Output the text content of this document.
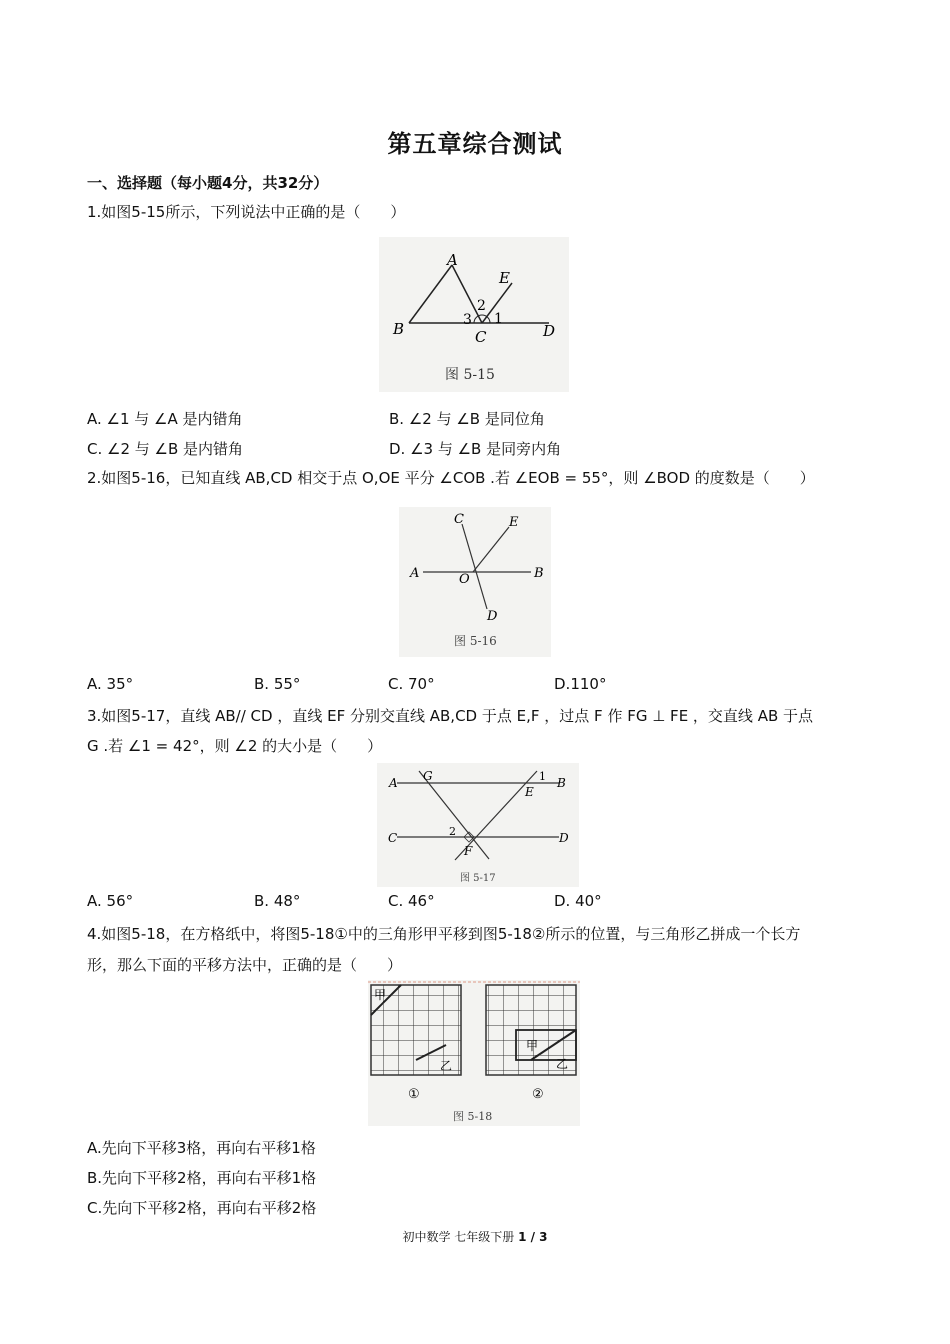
第五章综合测试
一、选择题（每小题4分，共32分）
1.如图5-15所示，下列说法中正确的是（　　）
A
E
2
3 1
B	C	D
图 5-15
A. ∠1 与 ∠A 是内错角	B. ∠2 与 ∠B 是同位角
C. ∠2 与 ∠B 是内错角	D. ∠3 与 ∠B 是同旁内角
2.如图5-16，已知直线 AB,CD 相交于点 O,OE 平分 ∠COB .若 ∠EOB = 55°，则 ∠BOD 的度数是（　　）
C	E
A	O	B
D
图 5-16
A. 35°	B. 55°	C. 70°	D.110°
3.如图5-17，直线 AB// CD ，直线 EF 分别交直线 AB,CD 于点 E,F ，过点 F 作 FG ⊥ FE ，交直线 AB 于点
G .若 ∠1 = 42°，则 ∠2 的大小是（　　）
A G	1 B
E
C	2	D
F
图 5-17
A. 56°	B. 48°	C. 46°	D. 40°
4.如图5-18，在方格纸中，将图5-18①中的三角形甲平移到图5-18②所示的位置，与三角形乙拼成一个长方
形，那么下面的平移方法中，正确的是（　　）
甲
乙
①
甲
乙
②
图 5-18
A.先向下平移3格，再向右平移1格
B.先向下平移2格，再向右平移1格
C.先向下平移2格，再向右平移2格
初中数学 七年级下册 1 / 3
